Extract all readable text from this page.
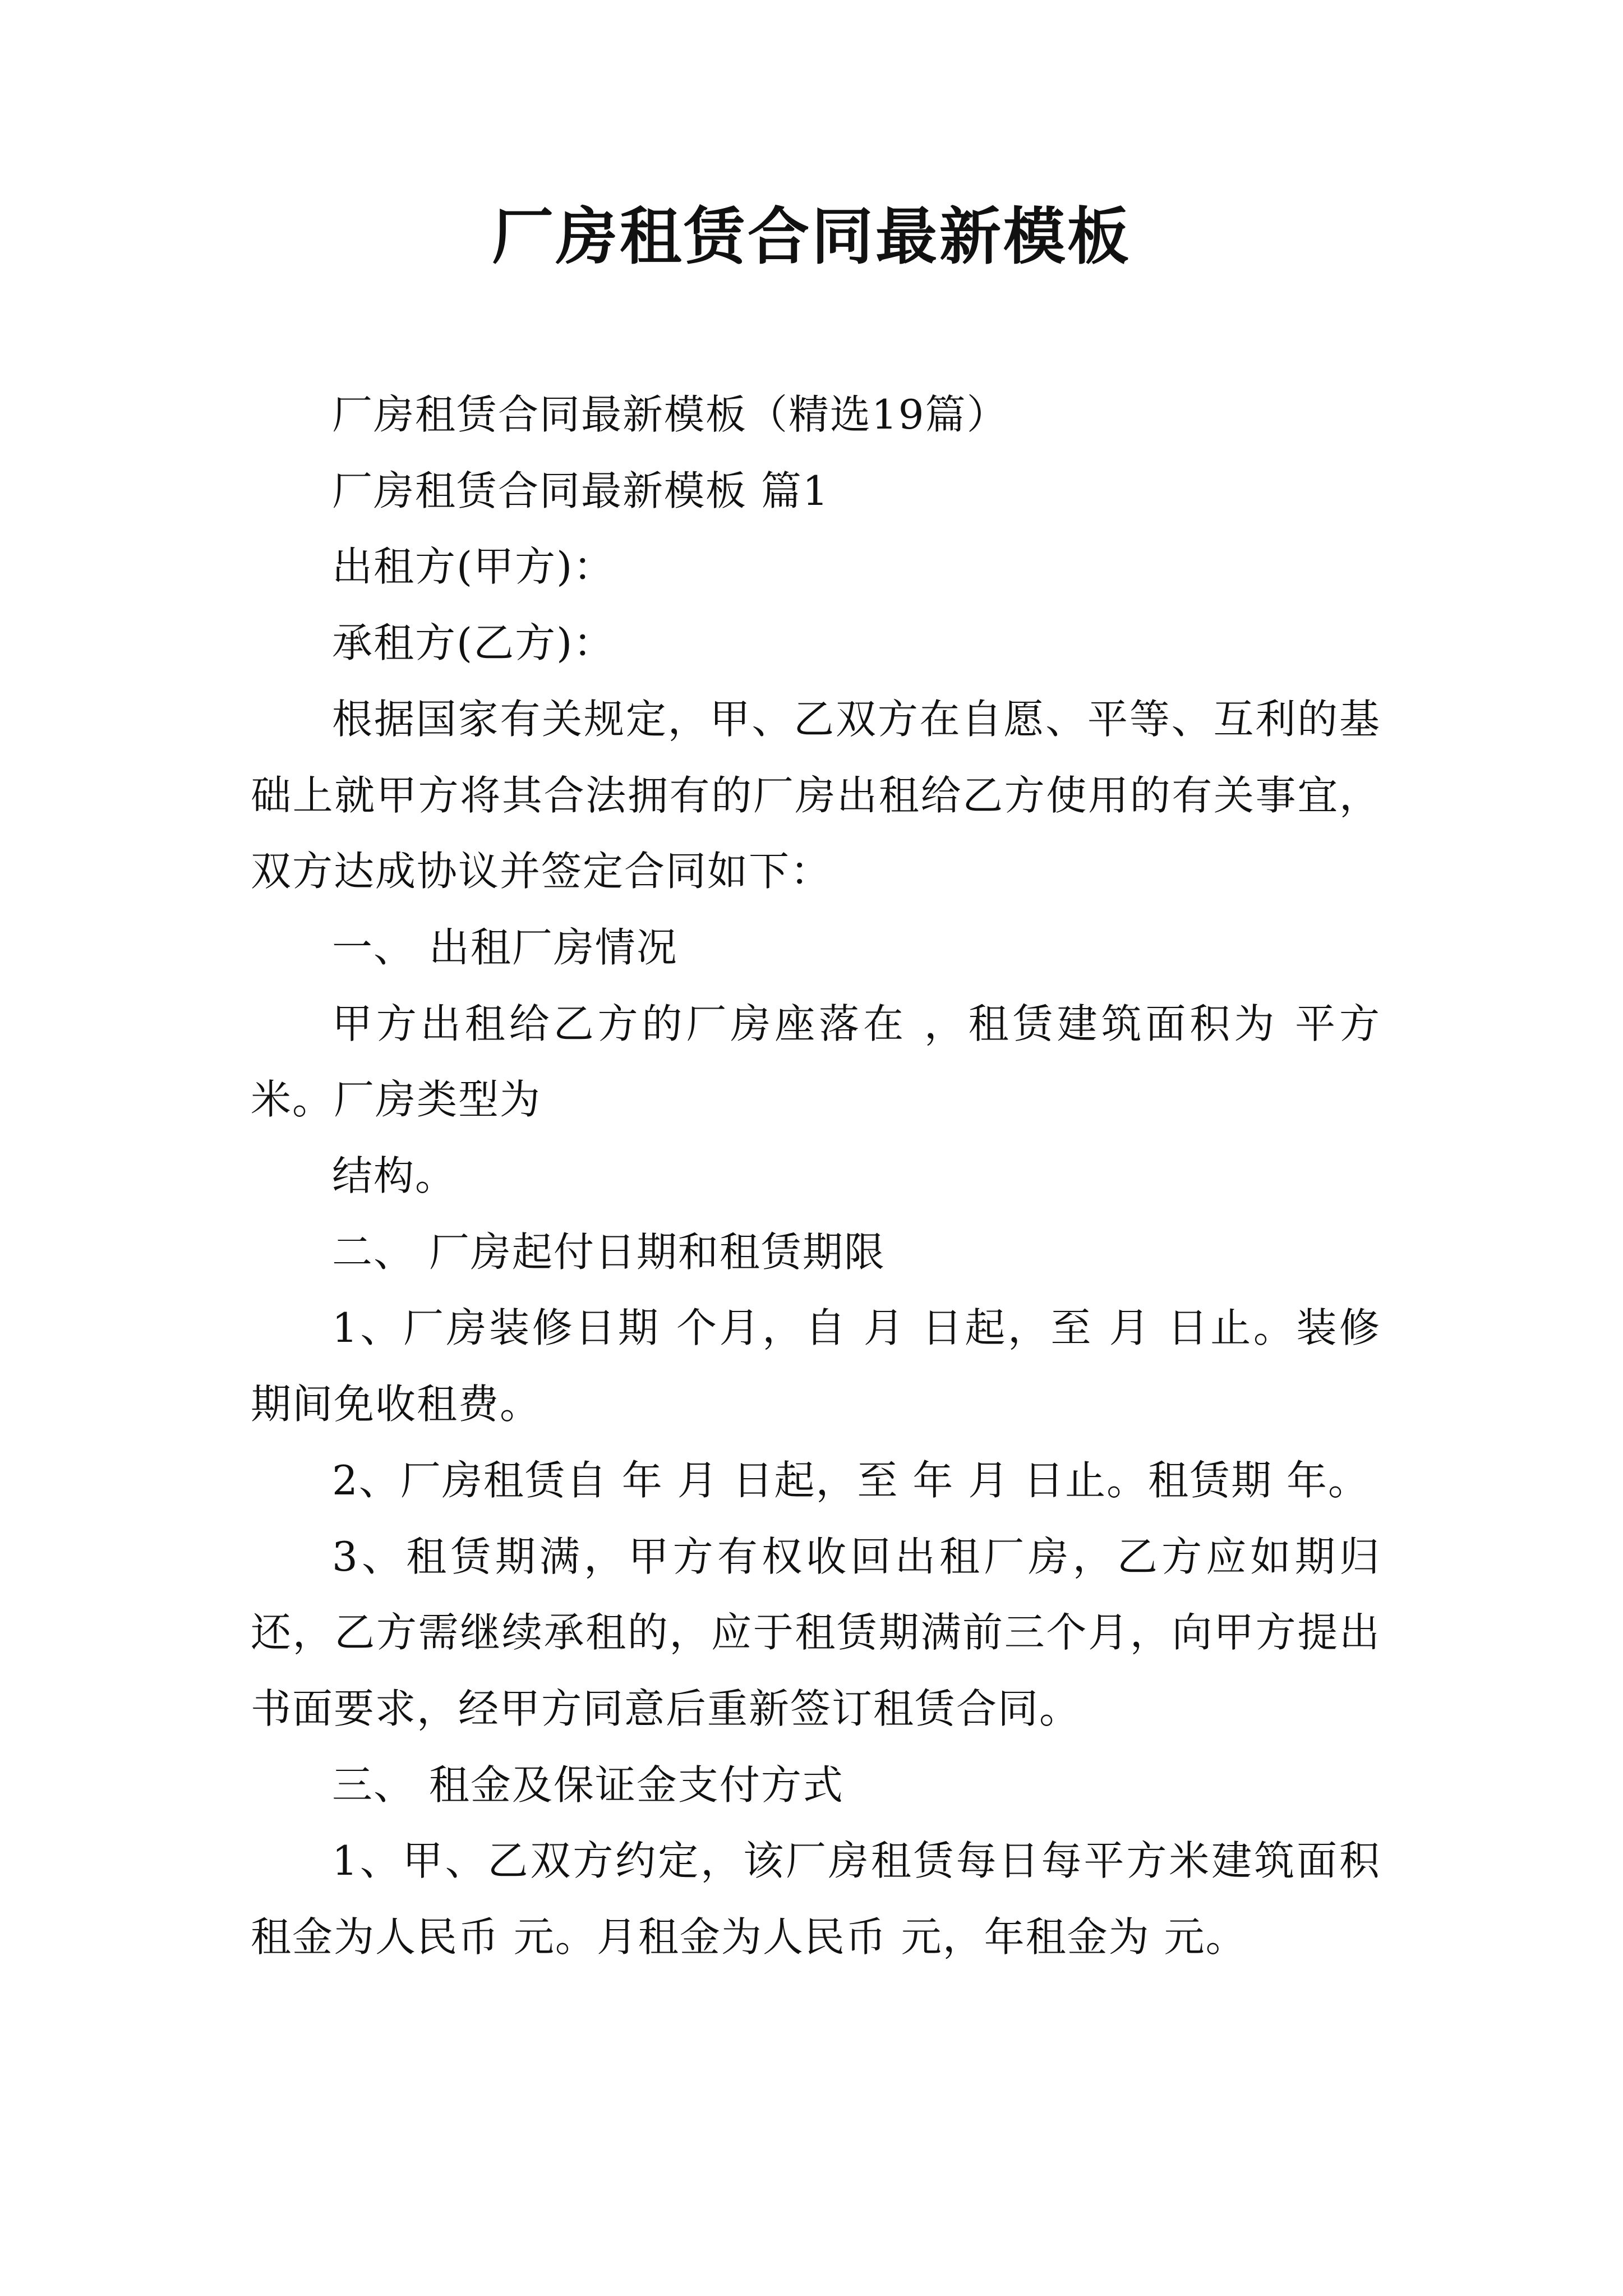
厂房租赁合同最新模板

厂房租赁合同最新模板（精选19篇）

厂房租赁合同最新模板 篇1

出租方(甲方)：

承租方(乙方)：

根据国家有关规定，甲、乙双方在自愿、平等、互利的基础上就甲方将其合法拥有的厂房出租给乙方使用的有关事宜，双方达成协议并签定合同如下：

一、 出租厂房情况

甲方出租给乙方的厂房座落在 ，租赁建筑面积为 平方米。厂房类型为

结构。

二、 厂房起付日期和租赁期限

1、厂房装修日期 个月，自 月 日起，至 月 日止。装修期间免收租费。

2、厂房租赁自 年 月 日起，至 年 月 日止。租赁期 年。

3、租赁期满，甲方有权收回出租厂房，乙方应如期归还，乙方需继续承租的，应于租赁期满前三个月，向甲方提出书面要求，经甲方同意后重新签订租赁合同。

三、 租金及保证金支付方式

1、甲、乙双方约定，该厂房租赁每日每平方米建筑面积租金为人民币 元。月租金为人民币 元，年租金为 元。
